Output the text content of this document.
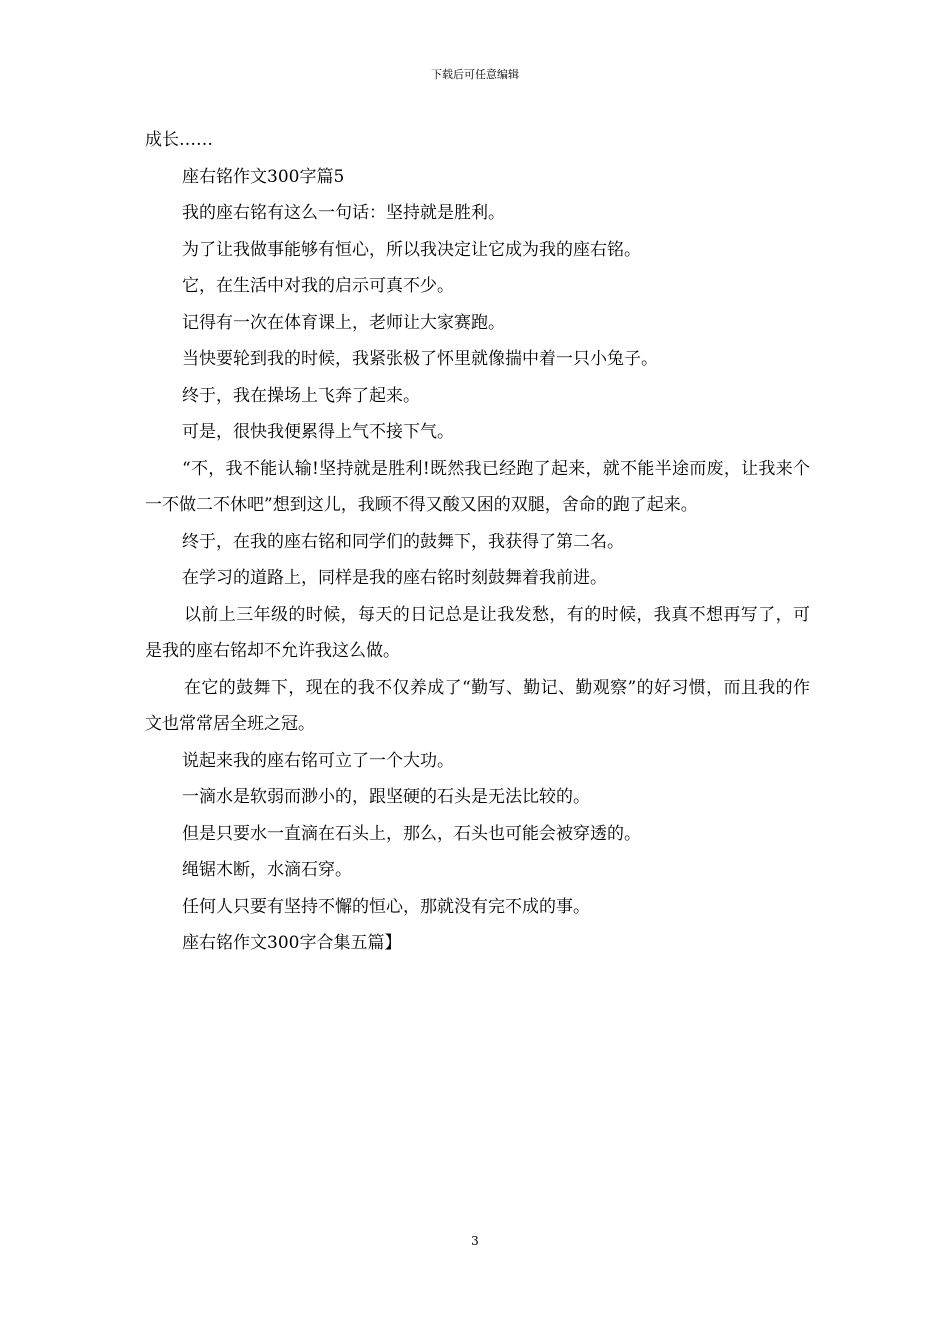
下载后可任意编辑

成长……

座右铭作文300字篇5

我的座右铭有这么一句话：坚持就是胜利。

为了让我做事能够有恒心，所以我决定让它成为我的座右铭。

它，在生活中对我的启示可真不少。

记得有一次在体育课上，老师让大家赛跑。

当快要轮到我的时候，我紧张极了怀里就像揣中着一只小兔子。

终于，我在操场上飞奔了起来。

可是，很快我便累得上气不接下气。

“不，我不能认输!坚持就是胜利!既然我已经跑了起来，就不能半途而废，让我来个一不做二不休吧”想到这儿，我顾不得又酸又困的双腿，舍命的跑了起来。

终于，在我的座右铭和同学们的鼓舞下，我获得了第二名。

在学习的道路上，同样是我的座右铭时刻鼓舞着我前进。

以前上三年级的时候，每天的日记总是让我发愁，有的时候，我真不想再写了，可是我的座右铭却不允许我这么做。

在它的鼓舞下，现在的我不仅养成了“勤写、勤记、勤观察”的好习惯，而且我的作文也常常居全班之冠。

说起来我的座右铭可立了一个大功。

一滴水是软弱而渺小的，跟坚硬的石头是无法比较的。

但是只要水一直滴在石头上，那么，石头也可能会被穿透的。

绳锯木断，水滴石穿。

任何人只要有坚持不懈的恒心，那就没有完不成的事。

座右铭作文300字合集五篇】

3
